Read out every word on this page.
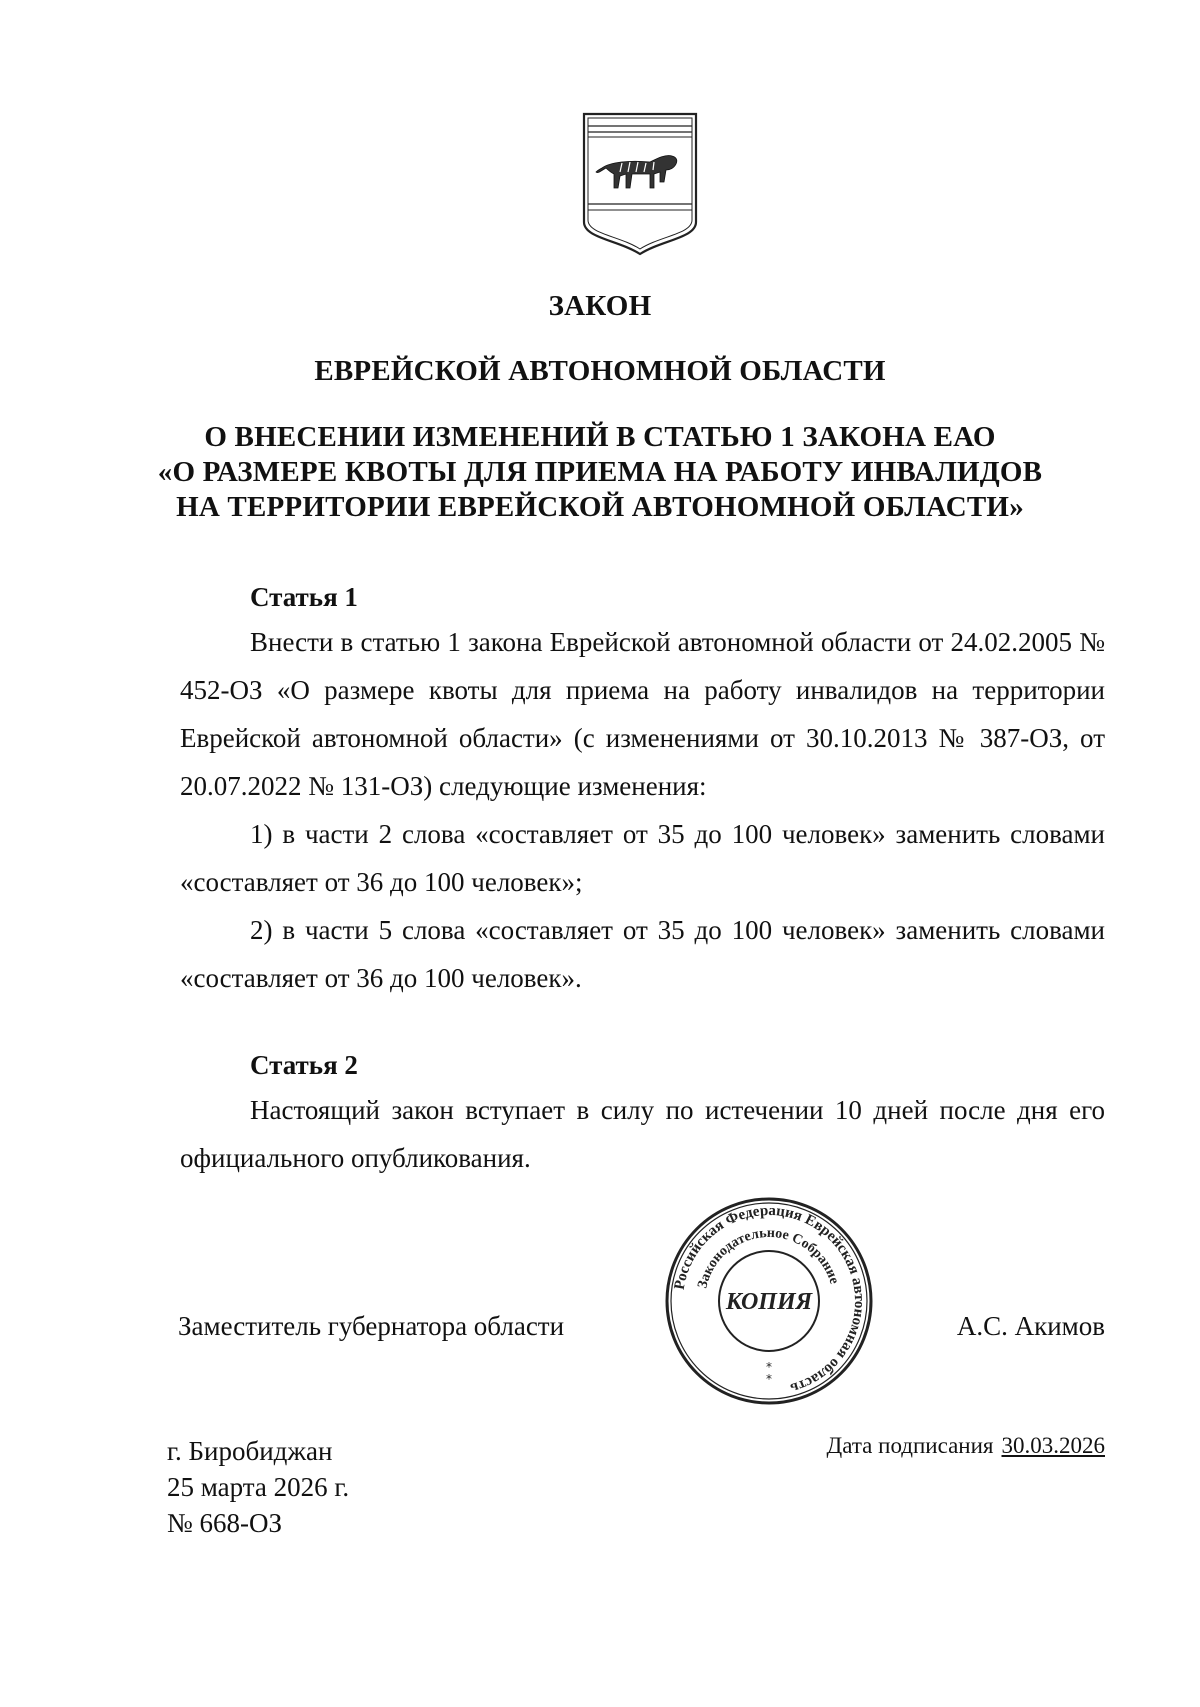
ЗАКОН
ЕВРЕЙСКОЙ АВТОНОМНОЙ ОБЛАСТИ
О ВНЕСЕНИИ ИЗМЕНЕНИЙ В СТАТЬЮ 1 ЗАКОНА ЕАО
«О РАЗМЕРЕ КВОТЫ ДЛЯ ПРИЕМА НА РАБОТУ ИНВАЛИДОВ
НА ТЕРРИТОРИИ ЕВРЕЙСКОЙ АВТОНОМНОЙ ОБЛАСТИ»
Статья 1

Внести в статью 1 закона Еврейской автономной области от 24.02.2005 № 452-ОЗ «О размере квоты для приема на работу инвалидов на территории Еврейской автономной области» (с изменениями от 30.10.2013 № 387-ОЗ, от 20.07.2022 № 131-ОЗ) следующие изменения:

1) в части 2 слова «составляет от 35 до 100 человек» заменить словами «составляет от 36 до 100 человек»;

2) в части 5 слова «составляет от 35 до 100 человек» заменить словами «составляет от 36 до 100 человек».

Статья 2

Настоящий закон вступает в силу по истечении 10 дней после дня его официального опубликования.

Заместитель губернатора области

Российская Федерация Еврейская автономная область
Законодательное Собрание
КОПИЯ
*
*

А.С. Акимов

г. Биробиджан
25 марта 2026 г.
№ 668-ОЗ

Дата подписания 30.03.2026
